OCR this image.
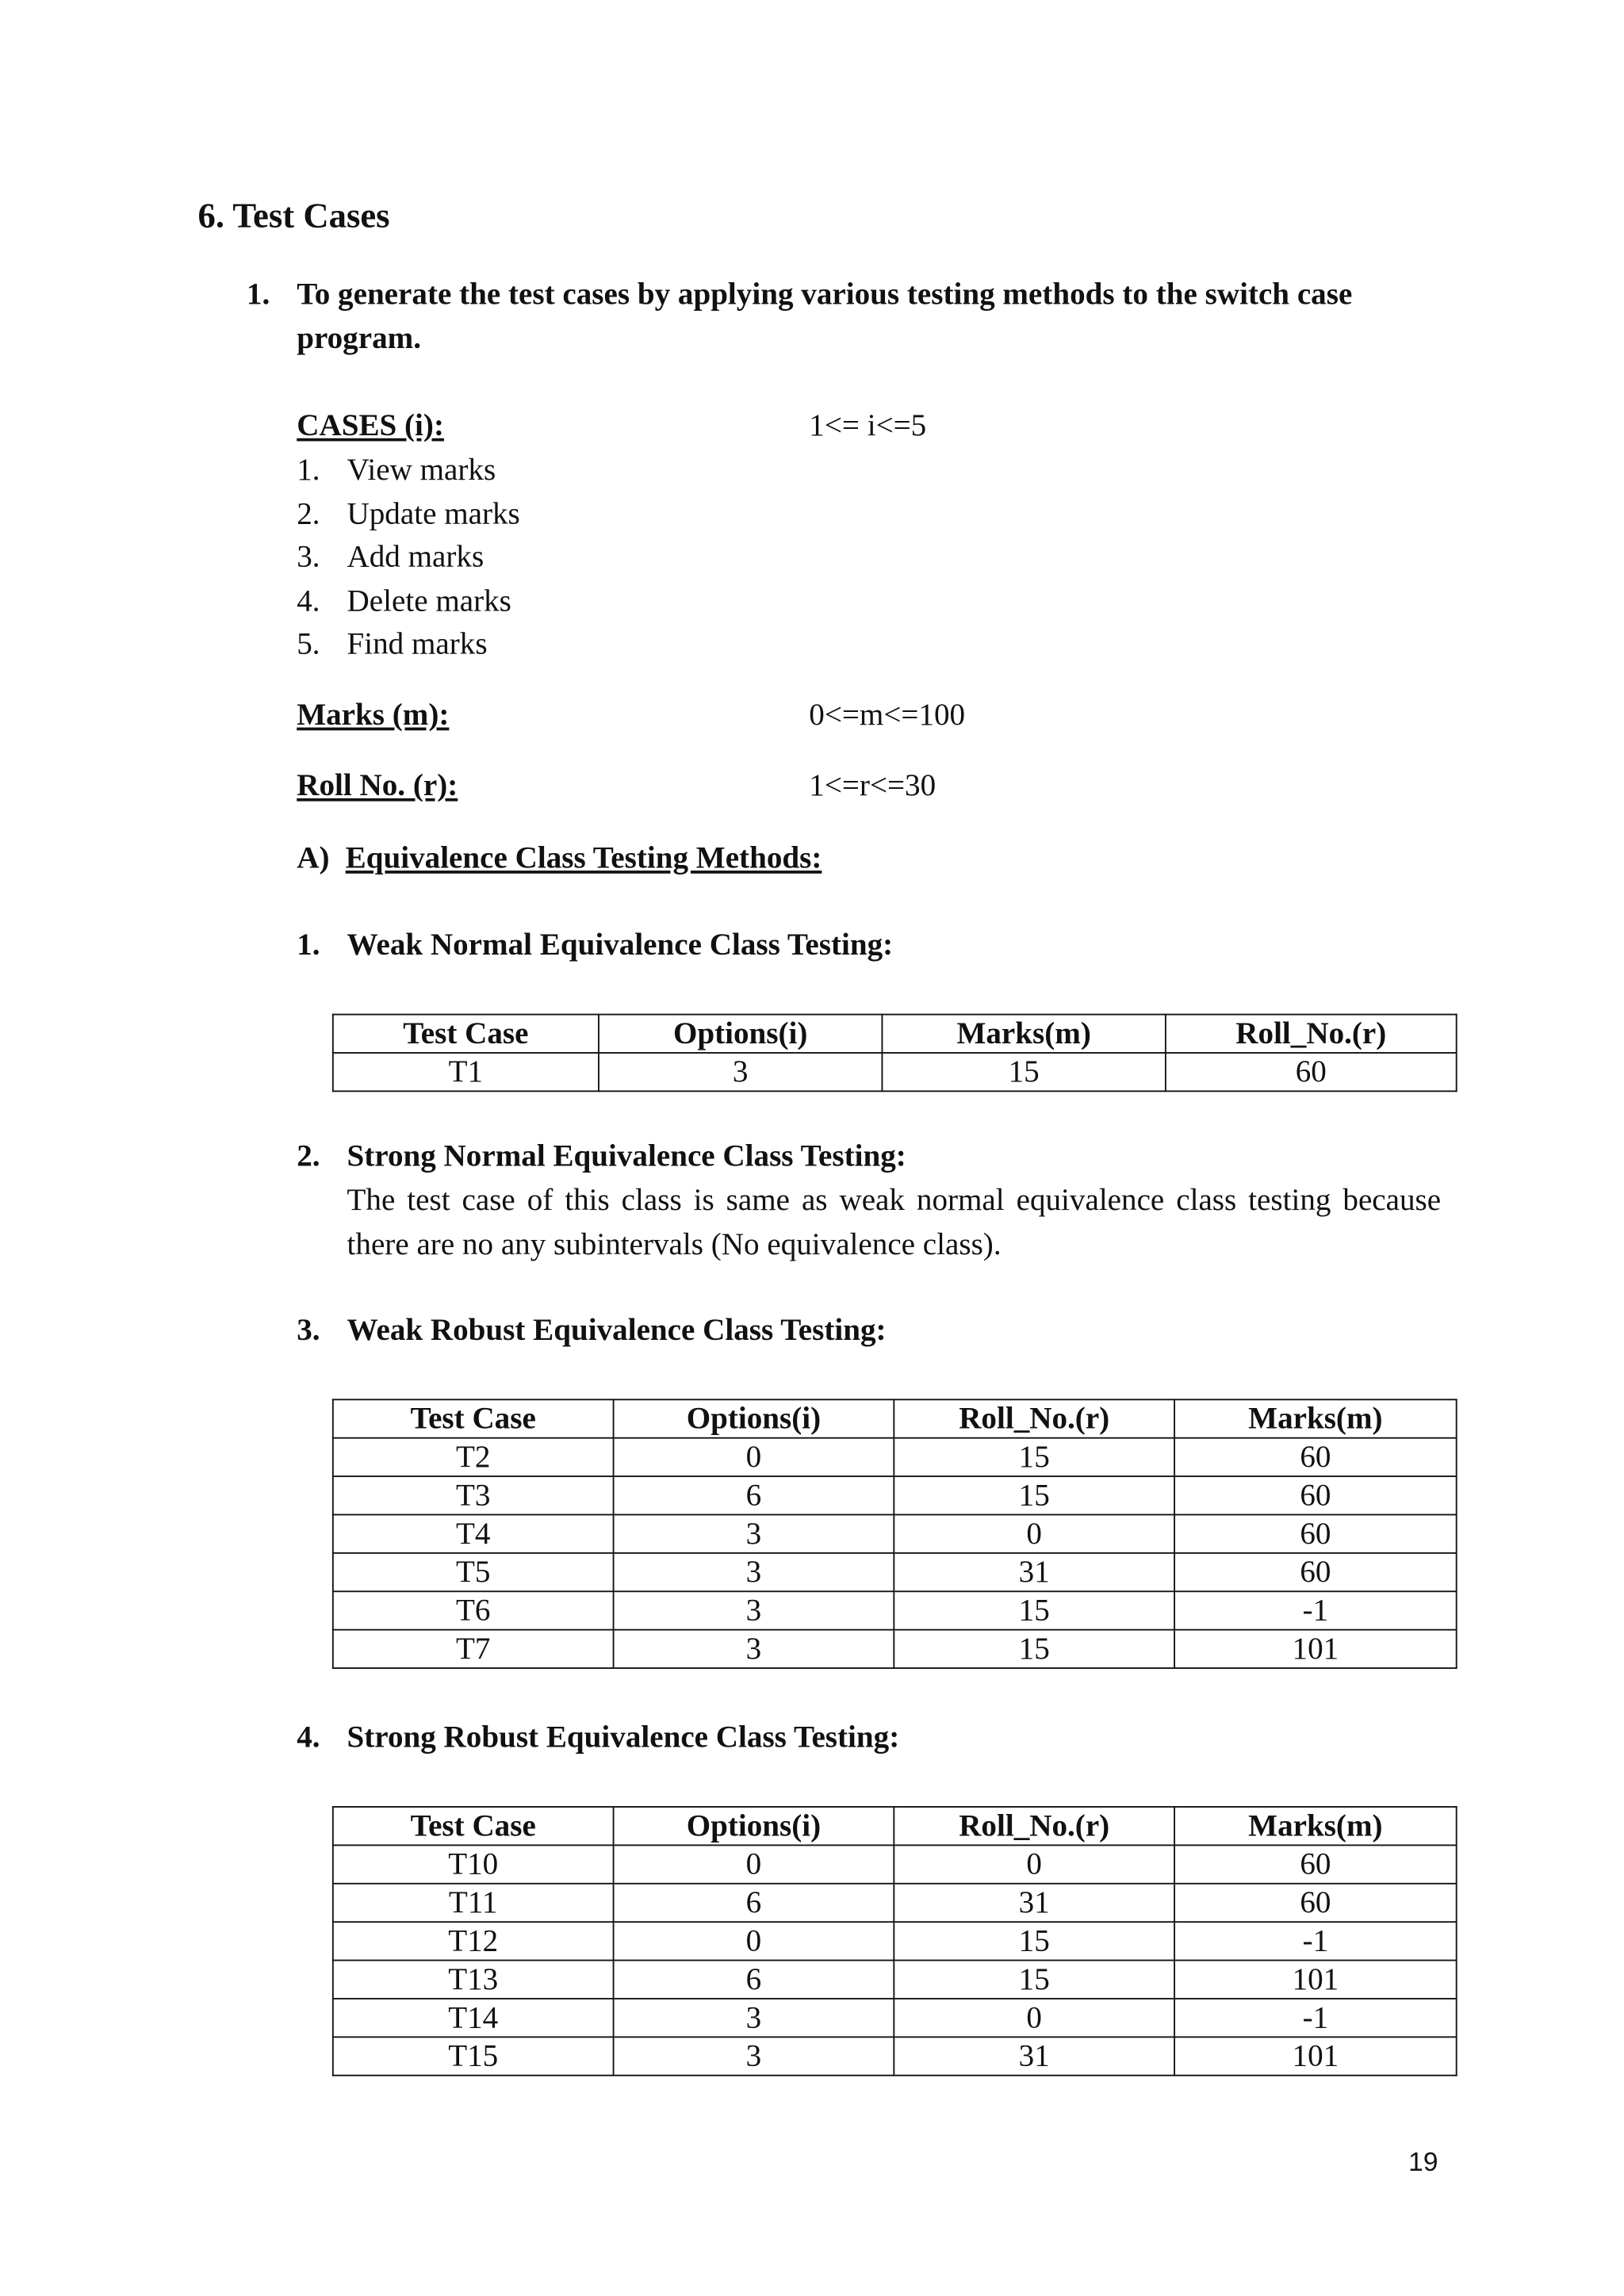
6. Test Cases
1. To generate the test cases by applying various testing methods to the switch case
program.
CASES (i):	1<= i<=5
1. View marks
2. Update marks
3. Add marks
4. Delete marks
5. Find marks
Marks (m):	0<=m<=100
Roll No. (r):	1<=r<=30
A) Equivalence Class Testing Methods:
1. Weak Normal Equivalence Class Testing:
Test Case	Options(i)	Marks(m)	Roll_No.(r)
T1	3	15	60
2. Strong Normal Equivalence Class Testing:
The test case of this class is same as weak normal equivalence class testing because there are no any subintervals (No equivalence class).
3. Weak Robust Equivalence Class Testing:
Test Case	Options(i)	Roll_No.(r)	Marks(m)
T2	0	15	60
T3	6	15	60
T4	3	0	60
T5	3	31	60
T6	3	15	-1
T7	3	15	101
4. Strong Robust Equivalence Class Testing:
Test Case	Options(i)	Roll_No.(r)	Marks(m)
T10	0	0	60
T11	6	31	60
T12	0	15	-1
T13	6	15	101
T14	3	0	-1
T15	3	31	101
19
